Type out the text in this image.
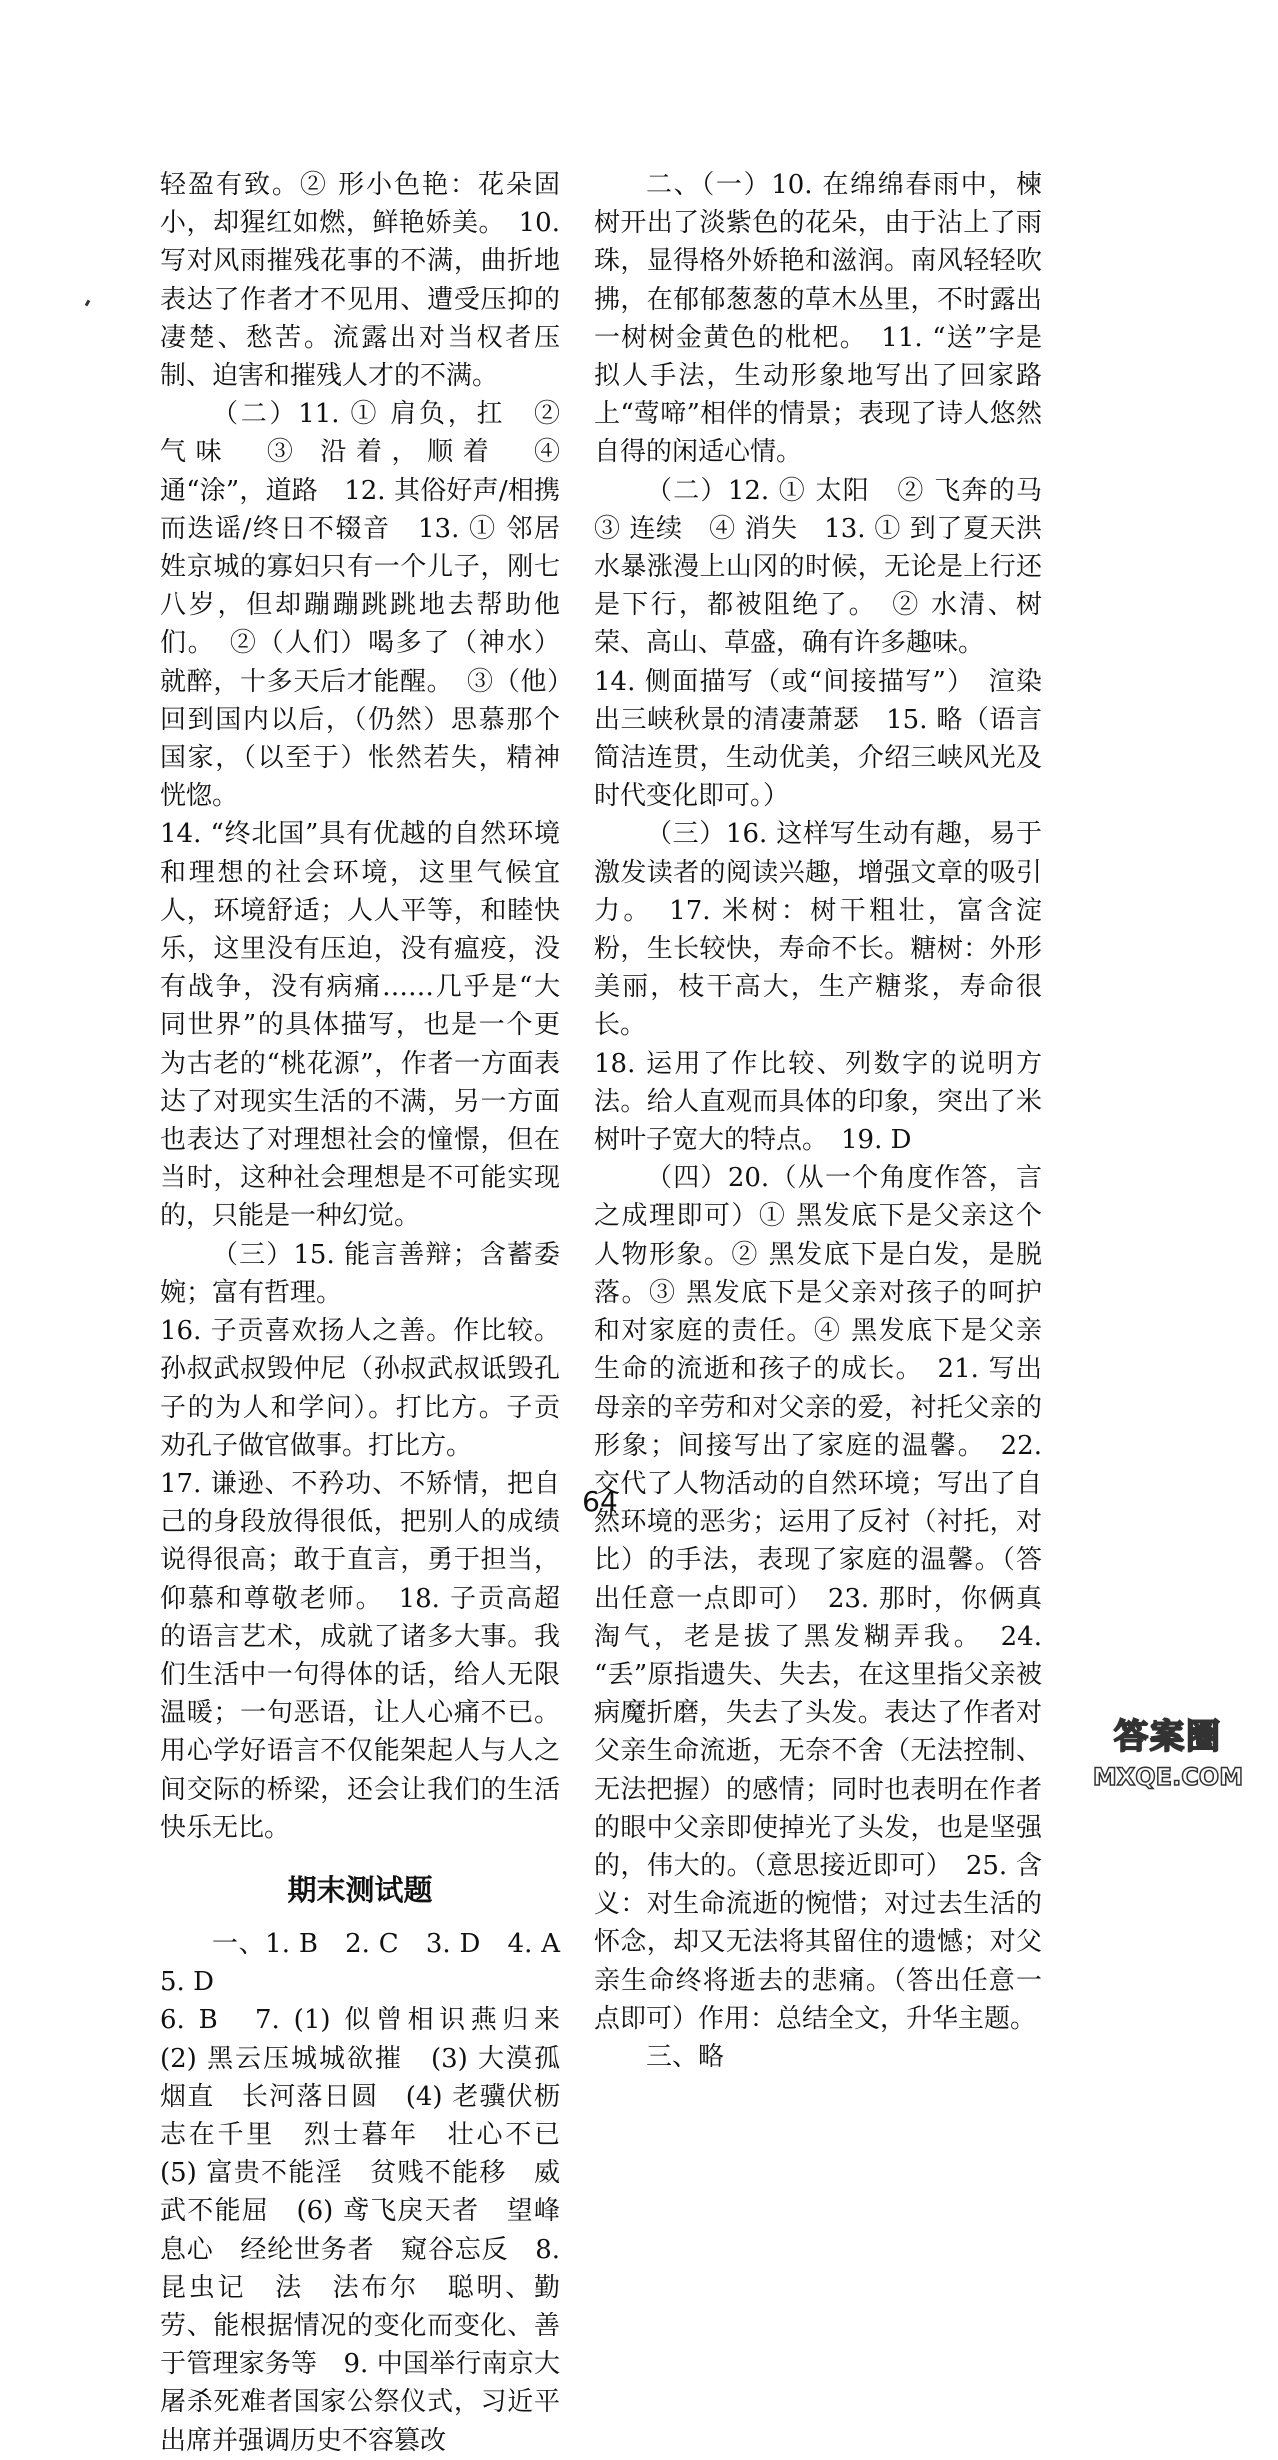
轻盈有致。② 形小色艳：花朵固小，却猩红如燃，鲜艳娇美。　10. 写对风雨摧残花事的不满，曲折地表达了作者才不见用、遭受压抑的凄楚、愁苦。流露出对当权者压制、迫害和摧残人才的不满。

（二）11. ① 肩负，扛　② 气味　③ 沿着，顺着　④ 通“涂”，道路　12. 其俗好声/相携而迭谣/终日不辍音　13. ① 邻居姓京城的寡妇只有一个儿子，刚七八岁，但却蹦蹦跳跳地去帮助他们。　②（人们）喝多了（神水）就醉，十多天后才能醒。　③（他）回到国内以后，（仍然）思慕那个国家，（以至于）怅然若失，精神恍惚。

14. “终北国”具有优越的自然环境和理想的社会环境，这里气候宜人，环境舒适；人人平等，和睦快乐，这里没有压迫，没有瘟疫，没有战争，没有病痛……几乎是“大同世界”的具体描写，也是一个更为古老的“桃花源”，作者一方面表达了对现实生活的不满，另一方面也表达了对理想社会的憧憬，但在当时，这种社会理想是不可能实现的，只能是一种幻觉。

（三）15. 能言善辩；含蓄委婉；富有哲理。

16. 子贡喜欢扬人之善。作比较。孙叔武叔毁仲尼（孙叔武叔诋毁孔子的为人和学问）。打比方。子贡劝孔子做官做事。打比方。

17. 谦逊、不矜功、不矫情，把自己的身段放得很低，把别人的成绩说得很高；敢于直言，勇于担当，仰慕和尊敬老师。　18. 子贡高超的语言艺术，成就了诸多大事。我们生活中一句得体的话，给人无限温暖；一句恶语，让人心痛不已。用心学好语言不仅能架起人与人之间交际的桥梁，还会让我们的生活快乐无比。

期末测试题

一、1. B　2. C　3. D　4. A　5. D

6. B　7. (1) 似曾相识燕归来　(2) 黑云压城城欲摧　(3) 大漠孤烟直　长河落日圆　(4) 老骥伏枥　志在千里　烈士暮年　壮心不已　(5) 富贵不能淫　贫贱不能移　威武不能屈　(6) 鸢飞戾天者　望峰息心　经纶世务者　窥谷忘反　8. 昆虫记　法　法布尔　聪明、勤劳、能根据情况的变化而变化、善于管理家务等　9. 中国举行南京大屠杀死难者国家公祭仪式，习近平出席并强调历史不容篡改

二、（一）10. 在绵绵春雨中，楝树开出了淡紫色的花朵，由于沾上了雨珠，显得格外娇艳和滋润。南风轻轻吹拂，在郁郁葱葱的草木丛里，不时露出一树树金黄色的枇杷。　11. “送”字是拟人手法，生动形象地写出了回家路上“莺啼”相伴的情景；表现了诗人悠然自得的闲适心情。

（二）12. ① 太阳　② 飞奔的马　③ 连续　④ 消失　13. ① 到了夏天洪水暴涨漫上山冈的时候，无论是上行还是下行，都被阻绝了。　② 水清、树荣、高山、草盛，确有许多趣味。

14. 侧面描写（或“间接描写”）　渲染出三峡秋景的清凄萧瑟　15. 略（语言简洁连贯，生动优美，介绍三峡风光及时代变化即可。）

（三）16. 这样写生动有趣，易于激发读者的阅读兴趣，增强文章的吸引力。　17. 米树：树干粗壮，富含淀粉，生长较快，寿命不长。糖树：外形美丽，枝干高大，生产糖浆，寿命很长。

18. 运用了作比较、列数字的说明方法。给人直观而具体的印象，突出了米树叶子宽大的特点。　19. D

（四）20.（从一个角度作答，言之成理即可）① 黑发底下是父亲这个人物形象。② 黑发底下是白发，是脱落。③ 黑发底下是父亲对孩子的呵护和对家庭的责任。④ 黑发底下是父亲生命的流逝和孩子的成长。　21. 写出母亲的辛劳和对父亲的爱，衬托父亲的形象；间接写出了家庭的温馨。　22. 交代了人物活动的自然环境；写出了自然环境的恶劣；运用了反衬（衬托，对比）的手法，表现了家庭的温馨。（答出任意一点即可）　23. 那时，你俩真淘气，老是拔了黑发糊弄我。　24. “丢”原指遗失、失去，在这里指父亲被病魔折磨，失去了头发。表达了作者对父亲生命流逝，无奈不舍（无法控制、无法把握）的感情；同时也表明在作者的眼中父亲即使掉光了头发，也是坚强的，伟大的。（意思接近即可）　25. 含义：对生命流逝的惋惜；对过去生活的怀念，却又无法将其留住的遗憾；对父亲生命终将逝去的悲痛。（答出任意一点即可）作用：总结全文，升华主题。

三、略

64
答案圈
MXQE.COM
